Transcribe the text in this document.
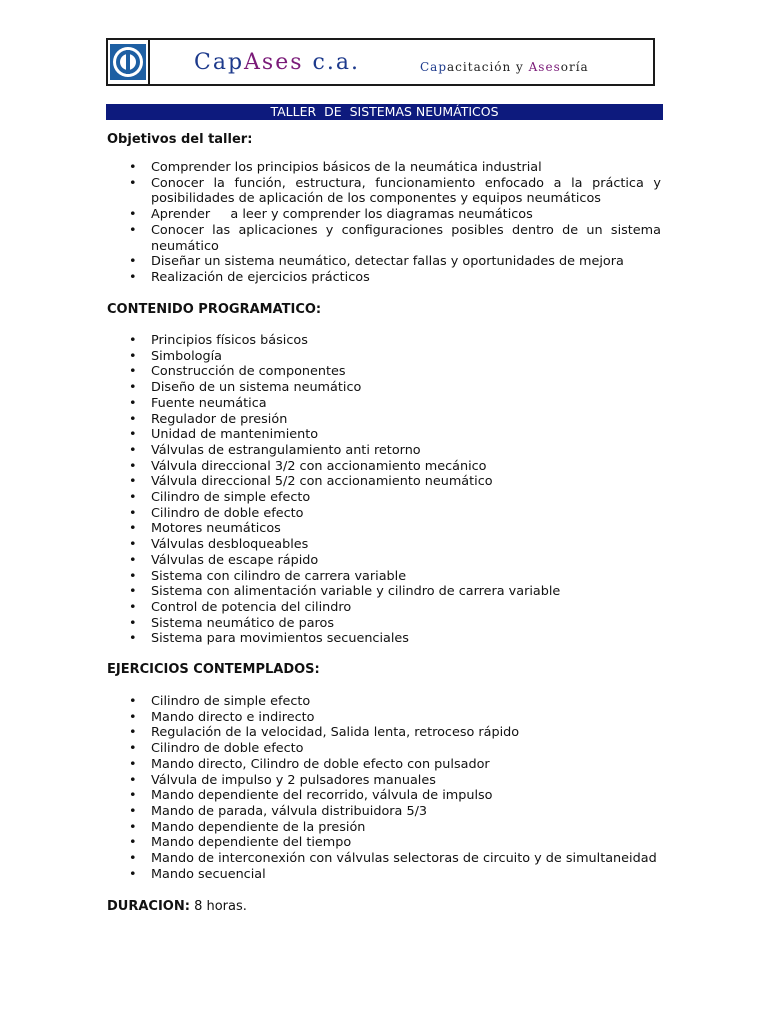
CapAses c.a.	Capacitación y Asesoría
TALLER  DE  SISTEMAS NEUMÁTICOS
Objetivos del taller:
• Comprender los principios básicos de la neumática industrial
• Conocer la función, estructura, funcionamiento enfocado a la práctica y posibilidades de aplicación de los componentes y equipos neumáticos
• Aprender     a leer y comprender los diagramas neumáticos
• Conocer las aplicaciones y configuraciones posibles dentro de un sistema neumático
• Diseñar un sistema neumático, detectar fallas y oportunidades de mejora
• Realización de ejercicios prácticos
CONTENIDO PROGRAMATICO:
• Principios físicos básicos
• Simbología
• Construcción de componentes
• Diseño de un sistema neumático
• Fuente neumática
• Regulador de presión
• Unidad de mantenimiento
• Válvulas de estrangulamiento anti retorno
• Válvula direccional 3/2 con accionamiento mecánico
• Válvula direccional 5/2 con accionamiento neumático
• Cilindro de simple efecto
• Cilindro de doble efecto
• Motores neumáticos
• Válvulas desbloqueables
• Válvulas de escape rápido
• Sistema con cilindro de carrera variable
• Sistema con alimentación variable y cilindro de carrera variable
• Control de potencia del cilindro
• Sistema neumático de paros
• Sistema para movimientos secuenciales
EJERCICIOS CONTEMPLADOS:
• Cilindro de simple efecto
• Mando directo e indirecto
• Regulación de la velocidad, Salida lenta, retroceso rápido
• Cilindro de doble efecto
• Mando directo, Cilindro de doble efecto con pulsador
• Válvula de impulso y 2 pulsadores manuales
• Mando dependiente del recorrido, válvula de impulso
• Mando de parada, válvula distribuidora 5/3
• Mando dependiente de la presión
• Mando dependiente del tiempo
• Mando de interconexión con válvulas selectoras de circuito y de simultaneidad
• Mando secuencial
DURACION: 8 horas.
